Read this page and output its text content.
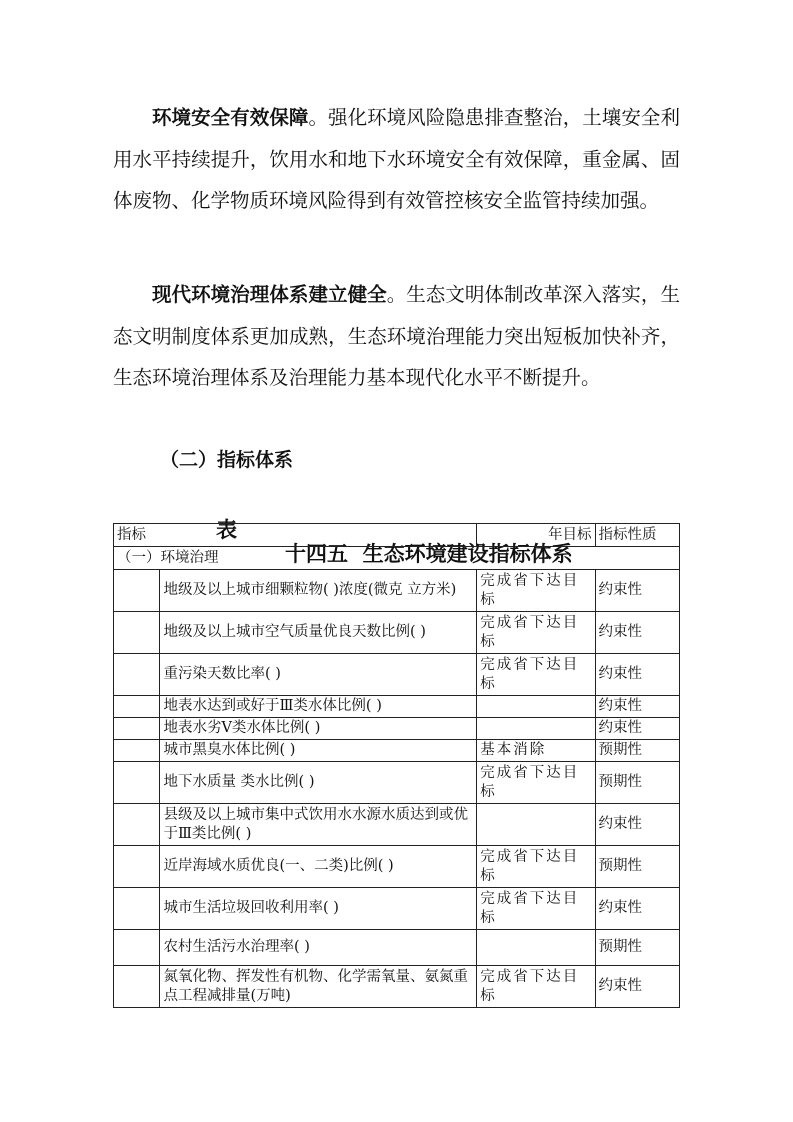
环境安全有效保障。强化环境风险隐患排查整治，土壤安全利用水平持续提升，饮用水和地下水环境安全有效保障，重金属、固体废物、化学物质环境风险得到有效管控核安全监管持续加强。

现代环境治理体系建立健全。生态文明体制改革深入落实，生态文明制度体系更加成熟，生态环境治理能力突出短板加快补齐，生态环境治理体系及治理能力基本现代化水平不断提升。

（二）指标体系

表

十四五  生态环境建设指标体系

指标		年目标	指标性质
（一）环境治理			
	地级及以上城市细颗粒物( )浓度(微克 立方米)	完成省下达目标	约束性
	地级及以上城市空气质量优良天数比例( )	完成省下达目标	约束性
	重污染天数比率( )	完成省下达目标	约束性
	地表水达到或好于Ⅲ类水体比例( )		约束性
	地表水劣Ⅴ类水体比例( )		约束性
	城市黑臭水体比例( )	基本消除	预期性
	地下水质量 类水比例( )	完成省下达目标	预期性
	县级及以上城市集中式饮用水水源水质达到或优于Ⅲ类比例( )		约束性
	近岸海域水质优良(一、二类)比例( )	完成省下达目标	预期性
	城市生活垃圾回收利用率( )	完成省下达目标	约束性
	农村生活污水治理率( )		预期性
	氮氧化物、挥发性有机物、化学需氧量、氨氮重点工程减排量(万吨)	完成省下达目标	约束性
